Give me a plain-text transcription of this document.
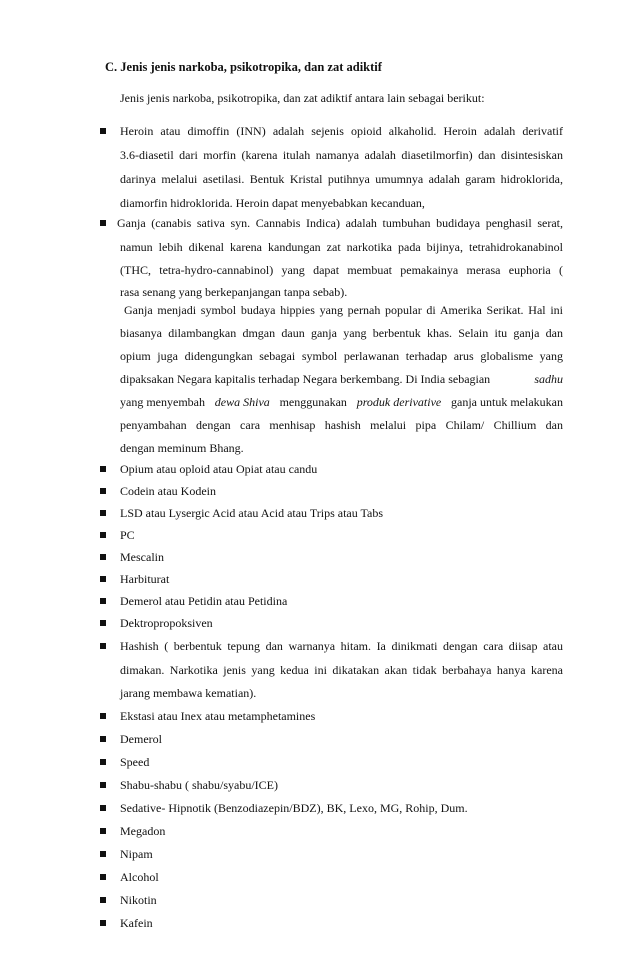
C. Jenis jenis narkoba, psikotropika, dan zat adiktif
Jenis jenis narkoba, psikotropika, dan zat adiktif antara lain sebagai berikut:
Heroin atau dimoffin (INN) adalah sejenis opioid alkaholid. Heroin adalah derivatif
3.6-diasetil dari morfin (karena itulah namanya adalah diasetilmorfin) dan disintesiskan
darinya melalui asetilasi. Bentuk Kristal putihnya umumnya adalah garam hidroklorida,
diamorfin hidroklorida. Heroin dapat menyebabkan kecanduan,
Ganja (canabis sativa syn. Cannabis Indica) adalah tumbuhan budidaya penghasil serat,
namun lebih dikenal karena kandungan zat narkotika pada bijinya, tetrahidrokanabinol
(THC, tetra-hydro-cannabinol) yang dapat membuat pemakainya merasa euphoria (
rasa senang yang berkepanjangan tanpa sebab).
Ganja menjadi symbol budaya hippies yang pernah popular di Amerika Serikat. Hal ini
biasanya dilambangkan dmgan daun ganja yang berbentuk khas. Selain itu ganja dan
opium juga didengungkan sebagai symbol perlawanan terhadap arus globalisme yang
dipaksakan Negara kapitalis terhadap Negara berkembang. Di India sebagian	sadhu
yang menyembah dewa Shiva menggunakan produk derivative ganja untuk melakukan
penyambahan dengan cara menhisap hashish melalui pipa Chilam/ Chillium dan
dengan meminum Bhang.
Opium atau oploid atau Opiat atau candu
Codein atau Kodein
LSD atau Lysergic Acid atau Acid atau Trips atau Tabs
PC
Mescalin
Harbiturat
Demerol atau Petidin atau Petidina
Dektropropoksiven
Hashish ( berbentuk tepung dan warnanya hitam. Ia dinikmati dengan cara diisap atau
dimakan. Narkotika jenis yang kedua ini dikatakan akan tidak berbahaya hanya karena
jarang membawa kematian).
Ekstasi atau Inex atau metamphetamines
Demerol
Speed
Shabu-shabu ( shabu/syabu/ICE)
Sedative- Hipnotik (Benzodiazepin/BDZ), BK, Lexo, MG, Rohip, Dum.
Megadon
Nipam
Alcohol
Nikotin
Kafein
